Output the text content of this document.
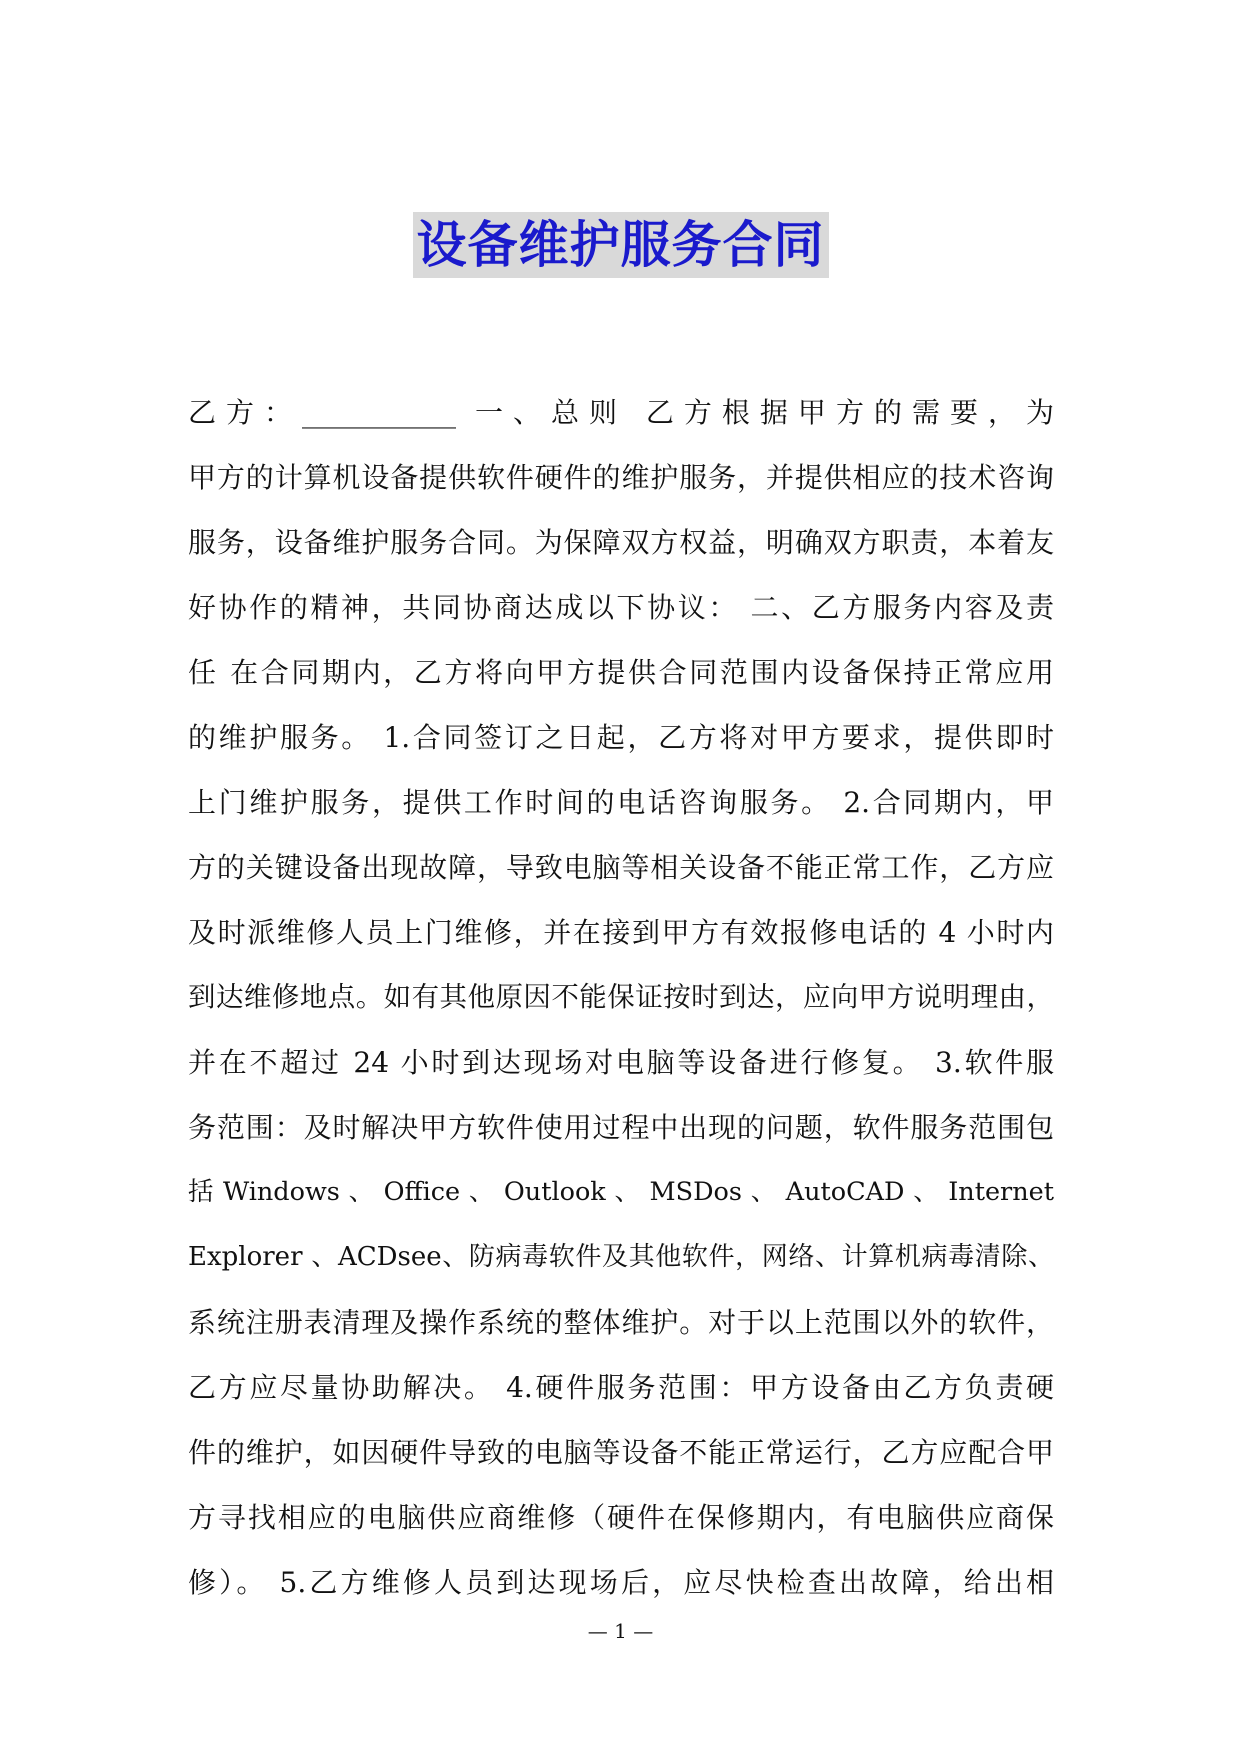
设备维护服务合同
乙方：___________ 一、总则 乙方根据甲方的需要，为
甲方的计算机设备提供软件硬件的维护服务，并提供相应的技术咨询
服务，设备维护服务合同。为保障双方权益，明确双方职责，本着友
好协作的精神，共同协商达成以下协议： 二、乙方服务内容及责
任 在合同期内，乙方将向甲方提供合同范围内设备保持正常应用
的维护服务。 1.合同签订之日起，乙方将对甲方要求，提供即时
上门维护服务，提供工作时间的电话咨询服务。 2.合同期内，甲
方的关键设备出现故障，导致电脑等相关设备不能正常工作，乙方应
及时派维修人员上门维修，并在接到甲方有效报修电话的 4 小时内
到达维修地点。如有其他原因不能保证按时到达，应向甲方说明理由，
并在不超过 24 小时到达现场对电脑等设备进行修复。 3.软件服
务范围：及时解决甲方软件使用过程中出现的问题，软件服务范围包
括 Windows 、 Office 、 Outlook 、 MSDos 、 AutoCAD 、 Internet
Explorer 、ACDsee、防病毒软件及其他软件，网络、计算机病毒清除、
系统注册表清理及操作系统的整体维护。对于以上范围以外的软件，
乙方应尽量协助解决。 4.硬件服务范围：甲方设备由乙方负责硬
件的维护，如因硬件导致的电脑等设备不能正常运行，乙方应配合甲
方寻找相应的电脑供应商维修（硬件在保修期内，有电脑供应商保
修）。 5.乙方维修人员到达现场后，应尽快检查出故障，给出相
— 1 —
